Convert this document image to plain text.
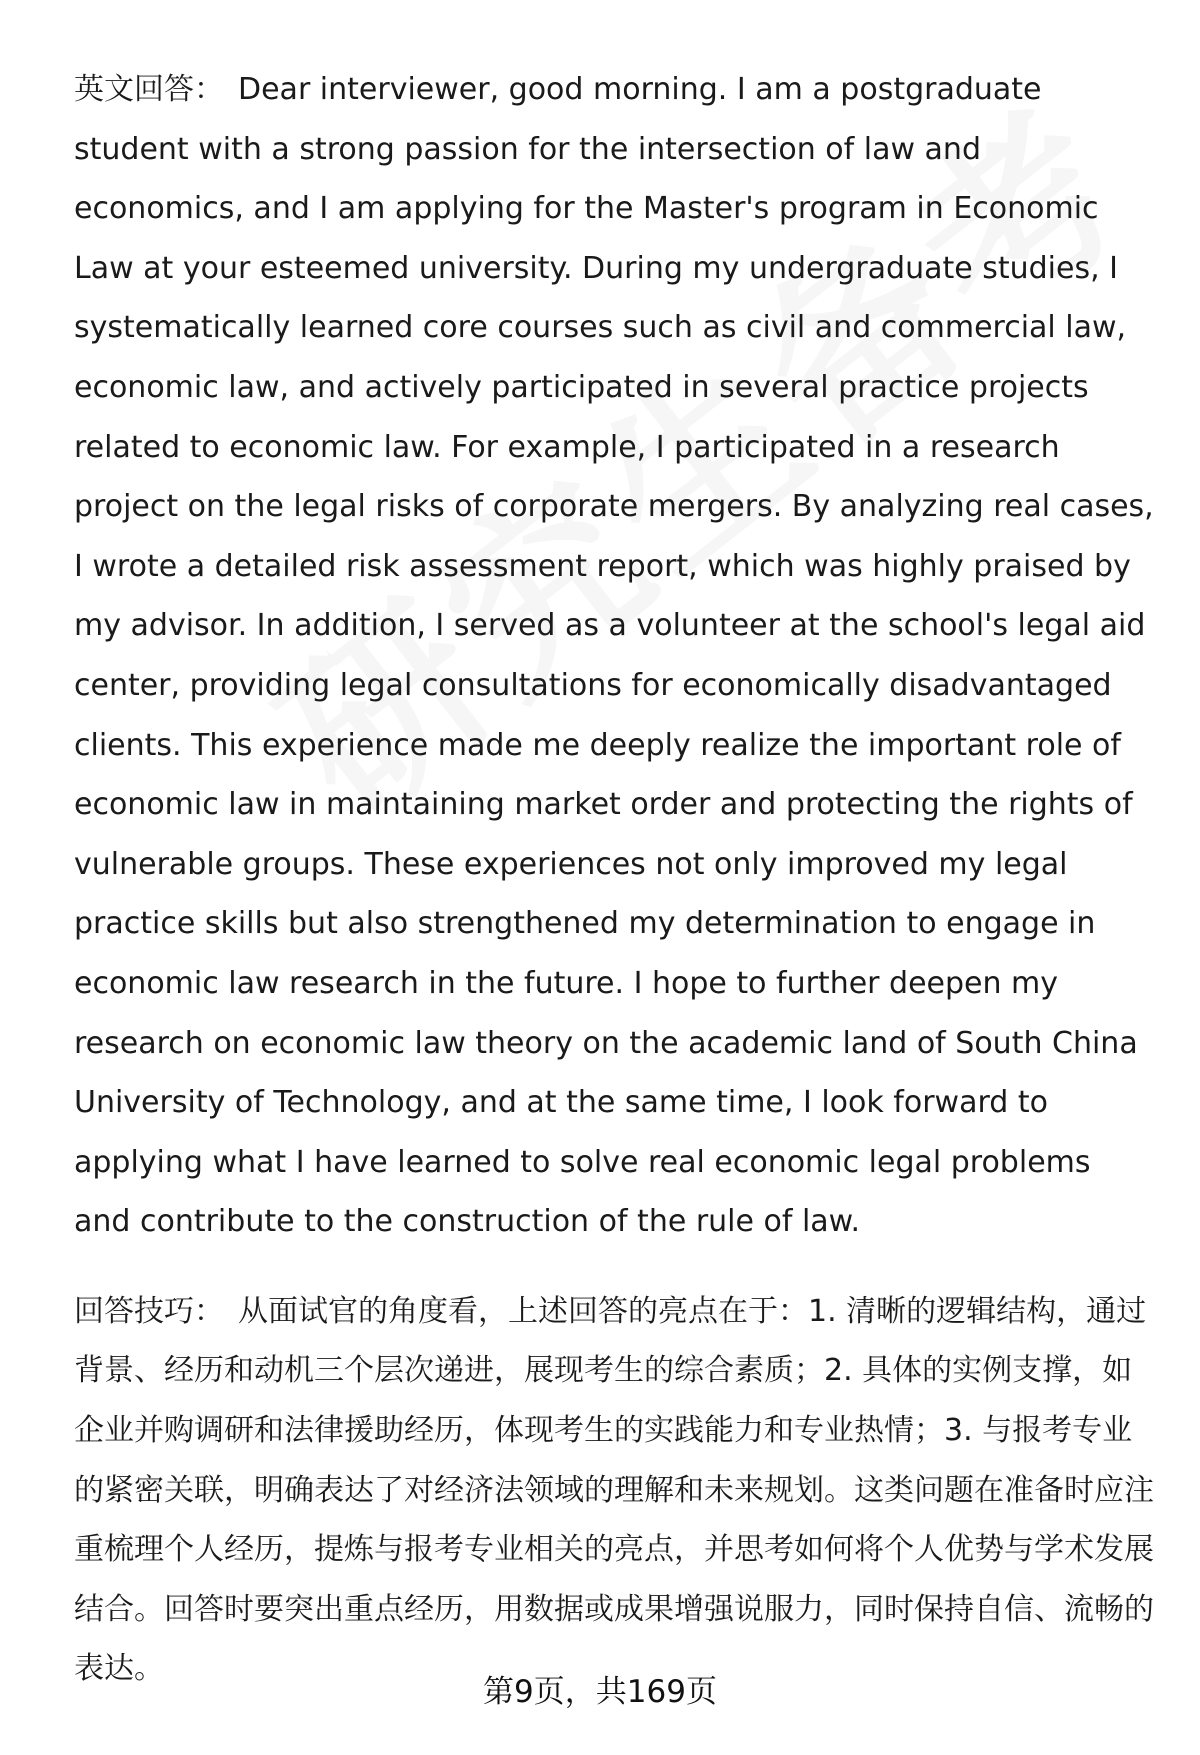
英文回答： Dear interviewer, good morning. I am a postgraduate student with a strong passion for the intersection of law and economics, and I am applying for the Master's program in Economic Law at your esteemed university. During my undergraduate studies, I systematically learned core courses such as civil and commercial law, economic law, and actively participated in several practice projects related to economic law. For example, I participated in a research project on the legal risks of corporate mergers. By analyzing real cases, I wrote a detailed risk assessment report, which was highly praised by my advisor. In addition, I served as a volunteer at the school's legal aid center, providing legal consultations for economically disadvantaged clients. This experience made me deeply realize the important role of economic law in maintaining market order and protecting the rights of vulnerable groups. These experiences not only improved my legal practice skills but also strengthened my determination to engage in economic law research in the future. I hope to further deepen my research on economic law theory on the academic land of South China University of Technology, and at the same time, I look forward to applying what I have learned to solve real economic legal problems and contribute to the construction of the rule of law.

回答技巧： 从面试官的角度看，上述回答的亮点在于：1. 清晰的逻辑结构，通过背景、经历和动机三个层次递进，展现考生的综合素质；2. 具体的实例支撑，如企业并购调研和法律援助经历，体现考生的实践能力和专业热情；3. 与报考专业的紧密关联，明确表达了对经济法领域的理解和未来规划。这类问题在准备时应注重梳理个人经历，提炼与报考专业相关的亮点，并思考如何将个人优势与学术发展结合。回答时要突出重点经历，用数据或成果增强说服力，同时保持自信、流畅的表达。

第9页，共169页
